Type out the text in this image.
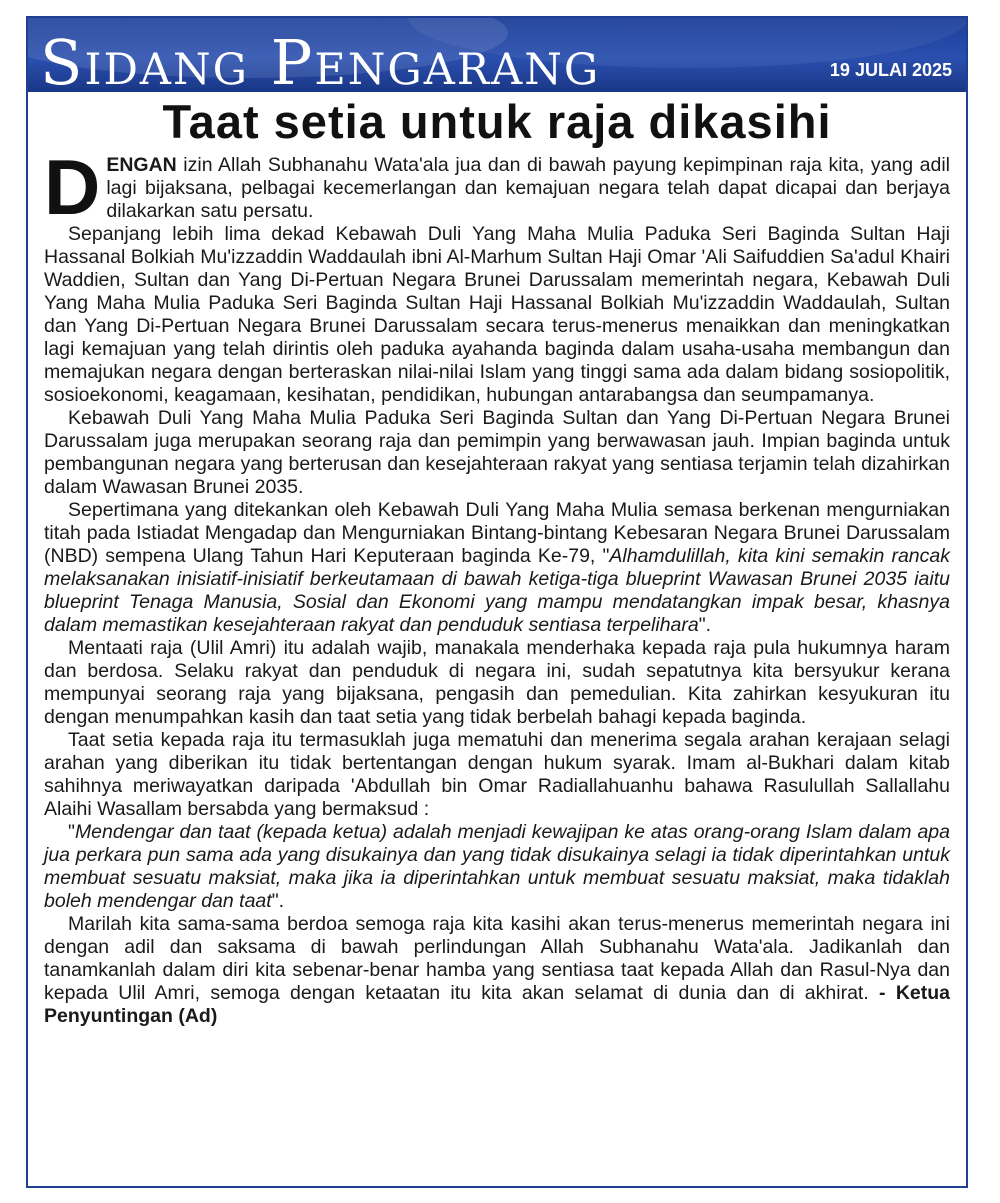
Sidang Pengarang	19 JULAI 2025
Taat setia untuk raja dikasihi

DENGAN izin Allah Subhanahu Wata'ala jua dan di bawah payung kepimpinan raja kita, yang adil lagi bijaksana, pelbagai kecemerlangan dan kemajuan negara telah dapat dicapai dan berjaya dilakarkan satu persatu.

Sepanjang lebih lima dekad Kebawah Duli Yang Maha Mulia Paduka Seri Baginda Sultan Haji Hassanal Bolkiah Mu'izzaddin Waddaulah ibni Al-Marhum Sultan Haji Omar 'Ali Saifuddien Sa'adul Khairi Waddien, Sultan dan Yang Di-Pertuan Negara Brunei Darussalam memerintah negara, Kebawah Duli Yang Maha Mulia Paduka Seri Baginda Sultan Haji Hassanal Bolkiah Mu'izzaddin Waddaulah, Sultan dan Yang Di-Pertuan Negara Brunei Darussalam secara terus-menerus menaikkan dan meningkatkan lagi kemajuan yang telah dirintis oleh paduka ayahanda baginda dalam usaha-usaha membangun dan memajukan negara dengan berteraskan nilai-nilai Islam yang tinggi sama ada dalam bidang sosiopolitik, sosioekonomi, keagamaan, kesihatan, pendidikan, hubungan antarabangsa dan seumpamanya.

Kebawah Duli Yang Maha Mulia Paduka Seri Baginda Sultan dan Yang Di-Pertuan Negara Brunei Darussalam juga merupakan seorang raja dan pemimpin yang berwawasan jauh. Impian baginda untuk pembangunan negara yang berterusan dan kesejahteraan rakyat yang sentiasa terjamin telah dizahirkan dalam Wawasan Brunei 2035.

Sepertimana yang ditekankan oleh Kebawah Duli Yang Maha Mulia semasa berkenan mengurniakan titah pada Istiadat Mengadap dan Mengurniakan Bintang-bintang Kebesaran Negara Brunei Darussalam (NBD) sempena Ulang Tahun Hari Keputeraan baginda Ke-79, "Alhamdulillah, kita kini semakin rancak melaksanakan inisiatif-inisiatif berkeutamaan di bawah ketiga-tiga blueprint Wawasan Brunei 2035 iaitu blueprint Tenaga Manusia, Sosial dan Ekonomi yang mampu mendatangkan impak besar, khasnya dalam memastikan kesejahteraan rakyat dan penduduk sentiasa terpelihara".

Mentaati raja (Ulil Amri) itu adalah wajib, manakala menderhaka kepada raja pula hukumnya haram dan berdosa. Selaku rakyat dan penduduk di negara ini, sudah sepatutnya kita bersyukur kerana mempunyai seorang raja yang bijaksana, pengasih dan pemedulian. Kita zahirkan kesyukuran itu dengan menumpahkan kasih dan taat setia yang tidak berbelah bahagi kepada baginda.

Taat setia kepada raja itu termasuklah juga mematuhi dan menerima segala arahan kerajaan selagi arahan yang diberikan itu tidak bertentangan dengan hukum syarak. Imam al-Bukhari dalam kitab sahihnya meriwayatkan daripada 'Abdullah bin Omar Radiallahuanhu bahawa Rasulullah Sallallahu Alaihi Wasallam bersabda yang bermaksud :

"Mendengar dan taat (kepada ketua) adalah menjadi kewajipan ke atas orang-orang Islam dalam apa jua perkara pun sama ada yang disukainya dan yang tidak disukainya selagi ia tidak diperintahkan untuk membuat sesuatu maksiat, maka jika ia diperintahkan untuk membuat sesuatu maksiat, maka tidaklah boleh mendengar dan taat".

Marilah kita sama-sama berdoa semoga raja kita kasihi akan terus-menerus memerintah negara ini dengan adil dan saksama di bawah perlindungan Allah Subhanahu Wata'ala. Jadikanlah dan tanamkanlah dalam diri kita sebenar-benar hamba yang sentiasa taat kepada Allah dan Rasul-Nya dan kepada Ulil Amri, semoga dengan ketaatan itu kita akan selamat di dunia dan di akhirat. - Ketua Penyuntingan (Ad)
